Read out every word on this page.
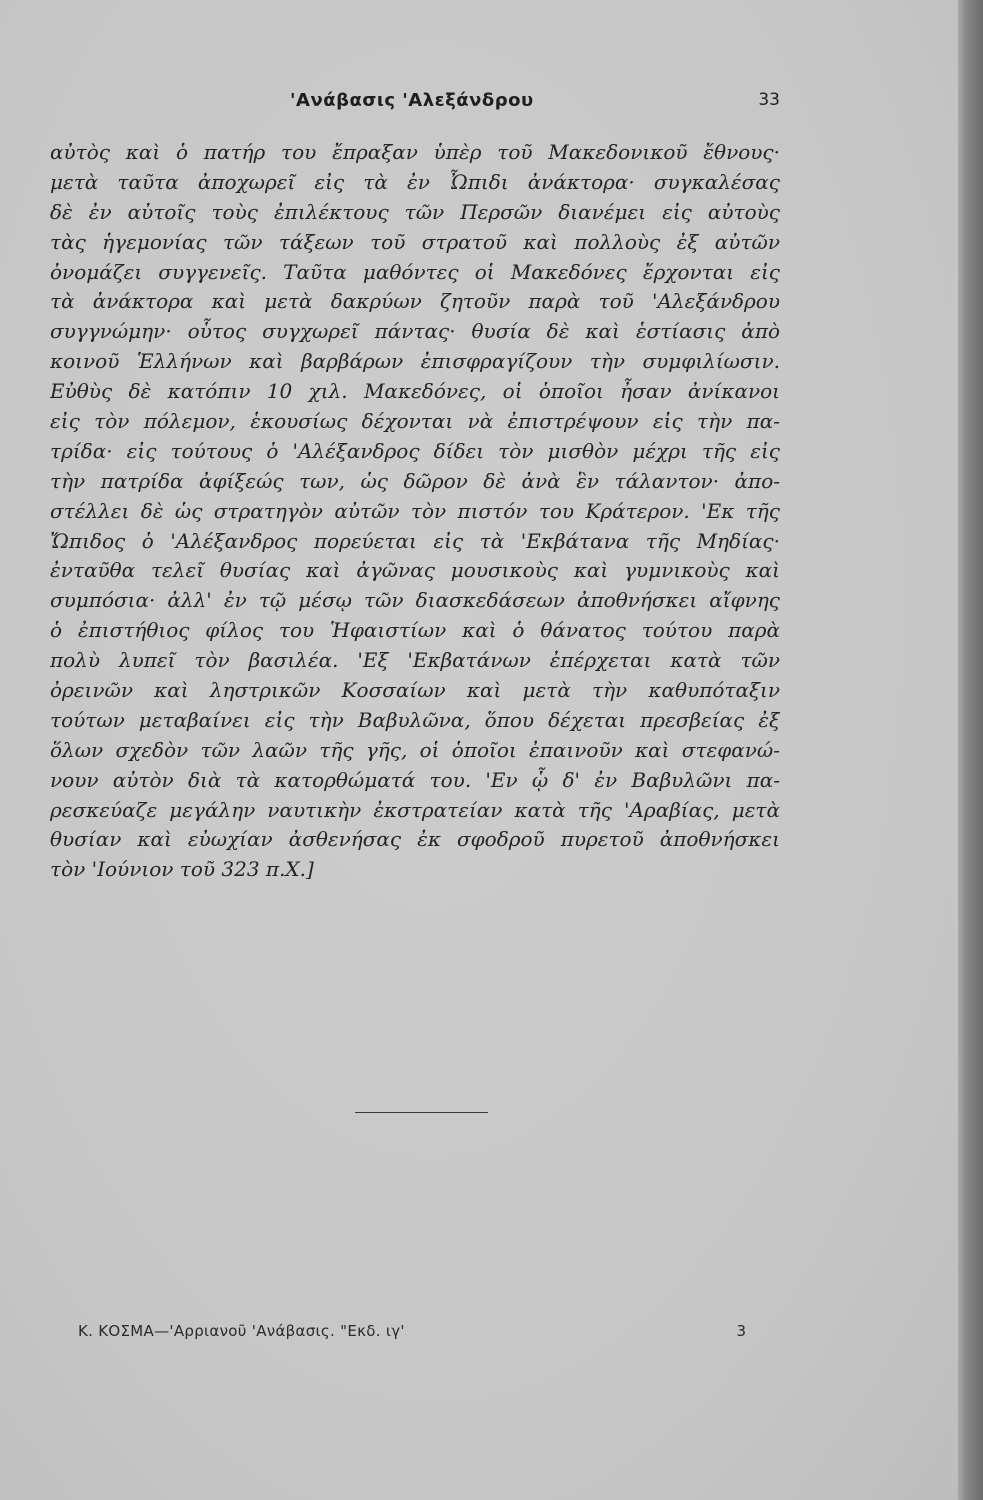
'Ανάβασις 'Αλεξάνδρου	33
αὐτὸς καὶ ὁ πατήρ του ἔπραξαν ὑπὲρ τοῦ Μακεδονικοῦ ἔθνους·
μετὰ ταῦτα ἀποχωρεῖ εἰς τὰ ἐν Ὦπιδι ἀνάκτορα· συγκαλέσας
δὲ ἐν αὐτοῖς τοὺς ἐπιλέκτους τῶν Περσῶν διανέμει εἰς αὐτοὺς
τὰς ἡγεμονίας τῶν τάξεων τοῦ στρατοῦ καὶ πολλοὺς ἐξ αὐτῶν
ὀνομάζει συγγενεῖς. Ταῦτα μαθόντες οἱ Μακεδόνες ἔρχονται εἰς
τὰ ἀνάκτορα καὶ μετὰ δακρύων ζητοῦν παρὰ τοῦ 'Αλεξάνδρου
συγγνώμην· οὗτος συγχωρεῖ πάντας· θυσία δὲ καὶ ἑστίασις ἀπὸ
κοινοῦ Ἑλλήνων καὶ βαρβάρων ἐπισφραγίζουν τὴν συμφιλίωσιν.
Εὐθὺς δὲ κατόπιν 10 χιλ. Μακεδόνες, οἱ ὁποῖοι ἦσαν ἀνίκανοι
εἰς τὸν πόλεμον, ἑκουσίως δέχονται νὰ ἐπιστρέψουν εἰς τὴν πα-
τρίδα· εἰς τούτους ὁ 'Αλέξανδρος δίδει τὸν μισθὸν μέχρι τῆς εἰς
τὴν πατρίδα ἀφίξεώς των, ὡς δῶρον δὲ ἀνὰ ἓν τάλαντον· ἀπο-
στέλλει δὲ ὡς στρατηγὸν αὐτῶν τὸν πιστόν του Κράτερον. 'Εκ τῆς
Ὤπιδος ὁ 'Αλέξανδρος πορεύεται εἰς τὰ 'Εκβάτανα τῆς Μηδίας·
ἐνταῦθα τελεῖ θυσίας καὶ ἀγῶνας μουσικοὺς καὶ γυμνικοὺς καὶ
συμπόσια· ἀλλ' ἐν τῷ μέσῳ τῶν διασκεδάσεων ἀποθνήσκει αἴφνης
ὁ ἐπιστήθιος φίλος του Ἡφαιστίων καὶ ὁ θάνατος τούτου παρὰ
πολὺ λυπεῖ τὸν βασιλέα. 'Εξ 'Εκβατάνων ἐπέρχεται κατὰ τῶν
ὀρεινῶν καὶ ληστρικῶν Κοσσαίων καὶ μετὰ τὴν καθυπόταξιν
τούτων μεταβαίνει εἰς τὴν Βαβυλῶνα, ὅπου δέχεται πρεσβείας ἐξ
ὅλων σχεδὸν τῶν λαῶν τῆς γῆς, οἱ ὁποῖοι ἐπαινοῦν καὶ στεφανώ-
νουν αὐτὸν διὰ τὰ κατορθώματά του. 'Εν ᾧ δ' ἐν Βαβυλῶνι πα-
ρεσκεύαζε μεγάλην ναυτικὴν ἐκστρατείαν κατὰ τῆς 'Αραβίας, μετὰ
θυσίαν καὶ εὐωχίαν ἀσθενήσας ἐκ σφοδροῦ πυρετοῦ ἀποθνήσκει
τὸν 'Ιούνιον τοῦ 323 π.Χ.]
Κ. ΚΟΣΜΑ—'Αρριανοῦ 'Ανάβασις. "Εκδ. ιγ'	3
